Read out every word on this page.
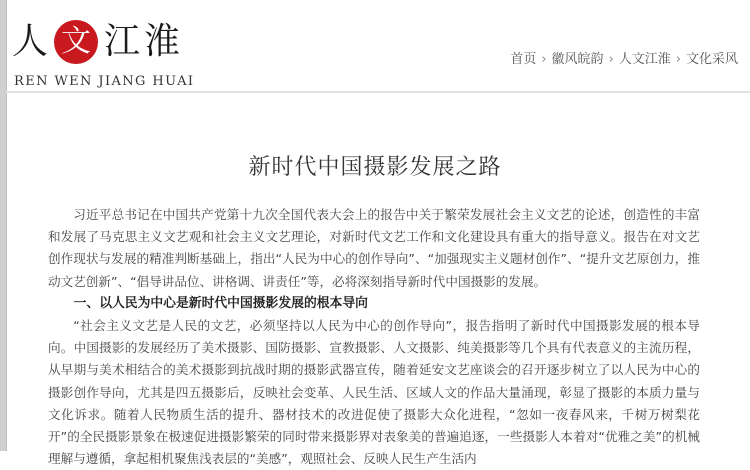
人 文 江 淮
REN WEN JIANG HUAI
首页 › 徽风皖韵 › 人文江淮 › 文化采风
新时代中国摄影发展之路

习近平总书记在中国共产党第十九次全国代表大会上的报告中关于繁荣发展社会主义文艺的论述，创造性的丰富和发展了马克思主义文艺观和社会主义文艺理论，对新时代文艺工作和文化建设具有重大的指导意义。报告在对文艺创作现状与发展的精准判断基础上，指出“人民为中心的创作导向”、“加强现实主义题材创作”、“提升文艺原创力，推动文艺创新”、“倡导讲品位、讲格调、讲责任”等，必将深刻指导新时代中国摄影的发展。

一、以人民为中心是新时代中国摄影发展的根本导向

“社会主义文艺是人民的文艺，必须坚持以人民为中心的创作导向”，报告指明了新时代中国摄影发展的根本导向。中国摄影的发展经历了美术摄影、国防摄影、宣教摄影、人文摄影、纯美摄影等几个具有代表意义的主流历程，从早期与美术相结合的美术摄影到抗战时期的摄影武器宣传，随着延安文艺座谈会的召开逐步树立了以人民为中心的摄影创作导向，尤其是四五摄影后，反映社会变革、人民生活、区域人文的作品大量涌现，彰显了摄影的本质力量与文化诉求。随着人民物质生活的提升、器材技术的改进促使了摄影大众化进程，“忽如一夜春风来，千树万树梨花开”的全民摄影景象在极速促进摄影繁荣的同时带来摄影界对表象美的普遍追逐，一些摄影人本着对“优雅之美”的机械理解与遵循，拿起相机聚焦浅表层的“美感”，观照社会、反映人民生产生活内
